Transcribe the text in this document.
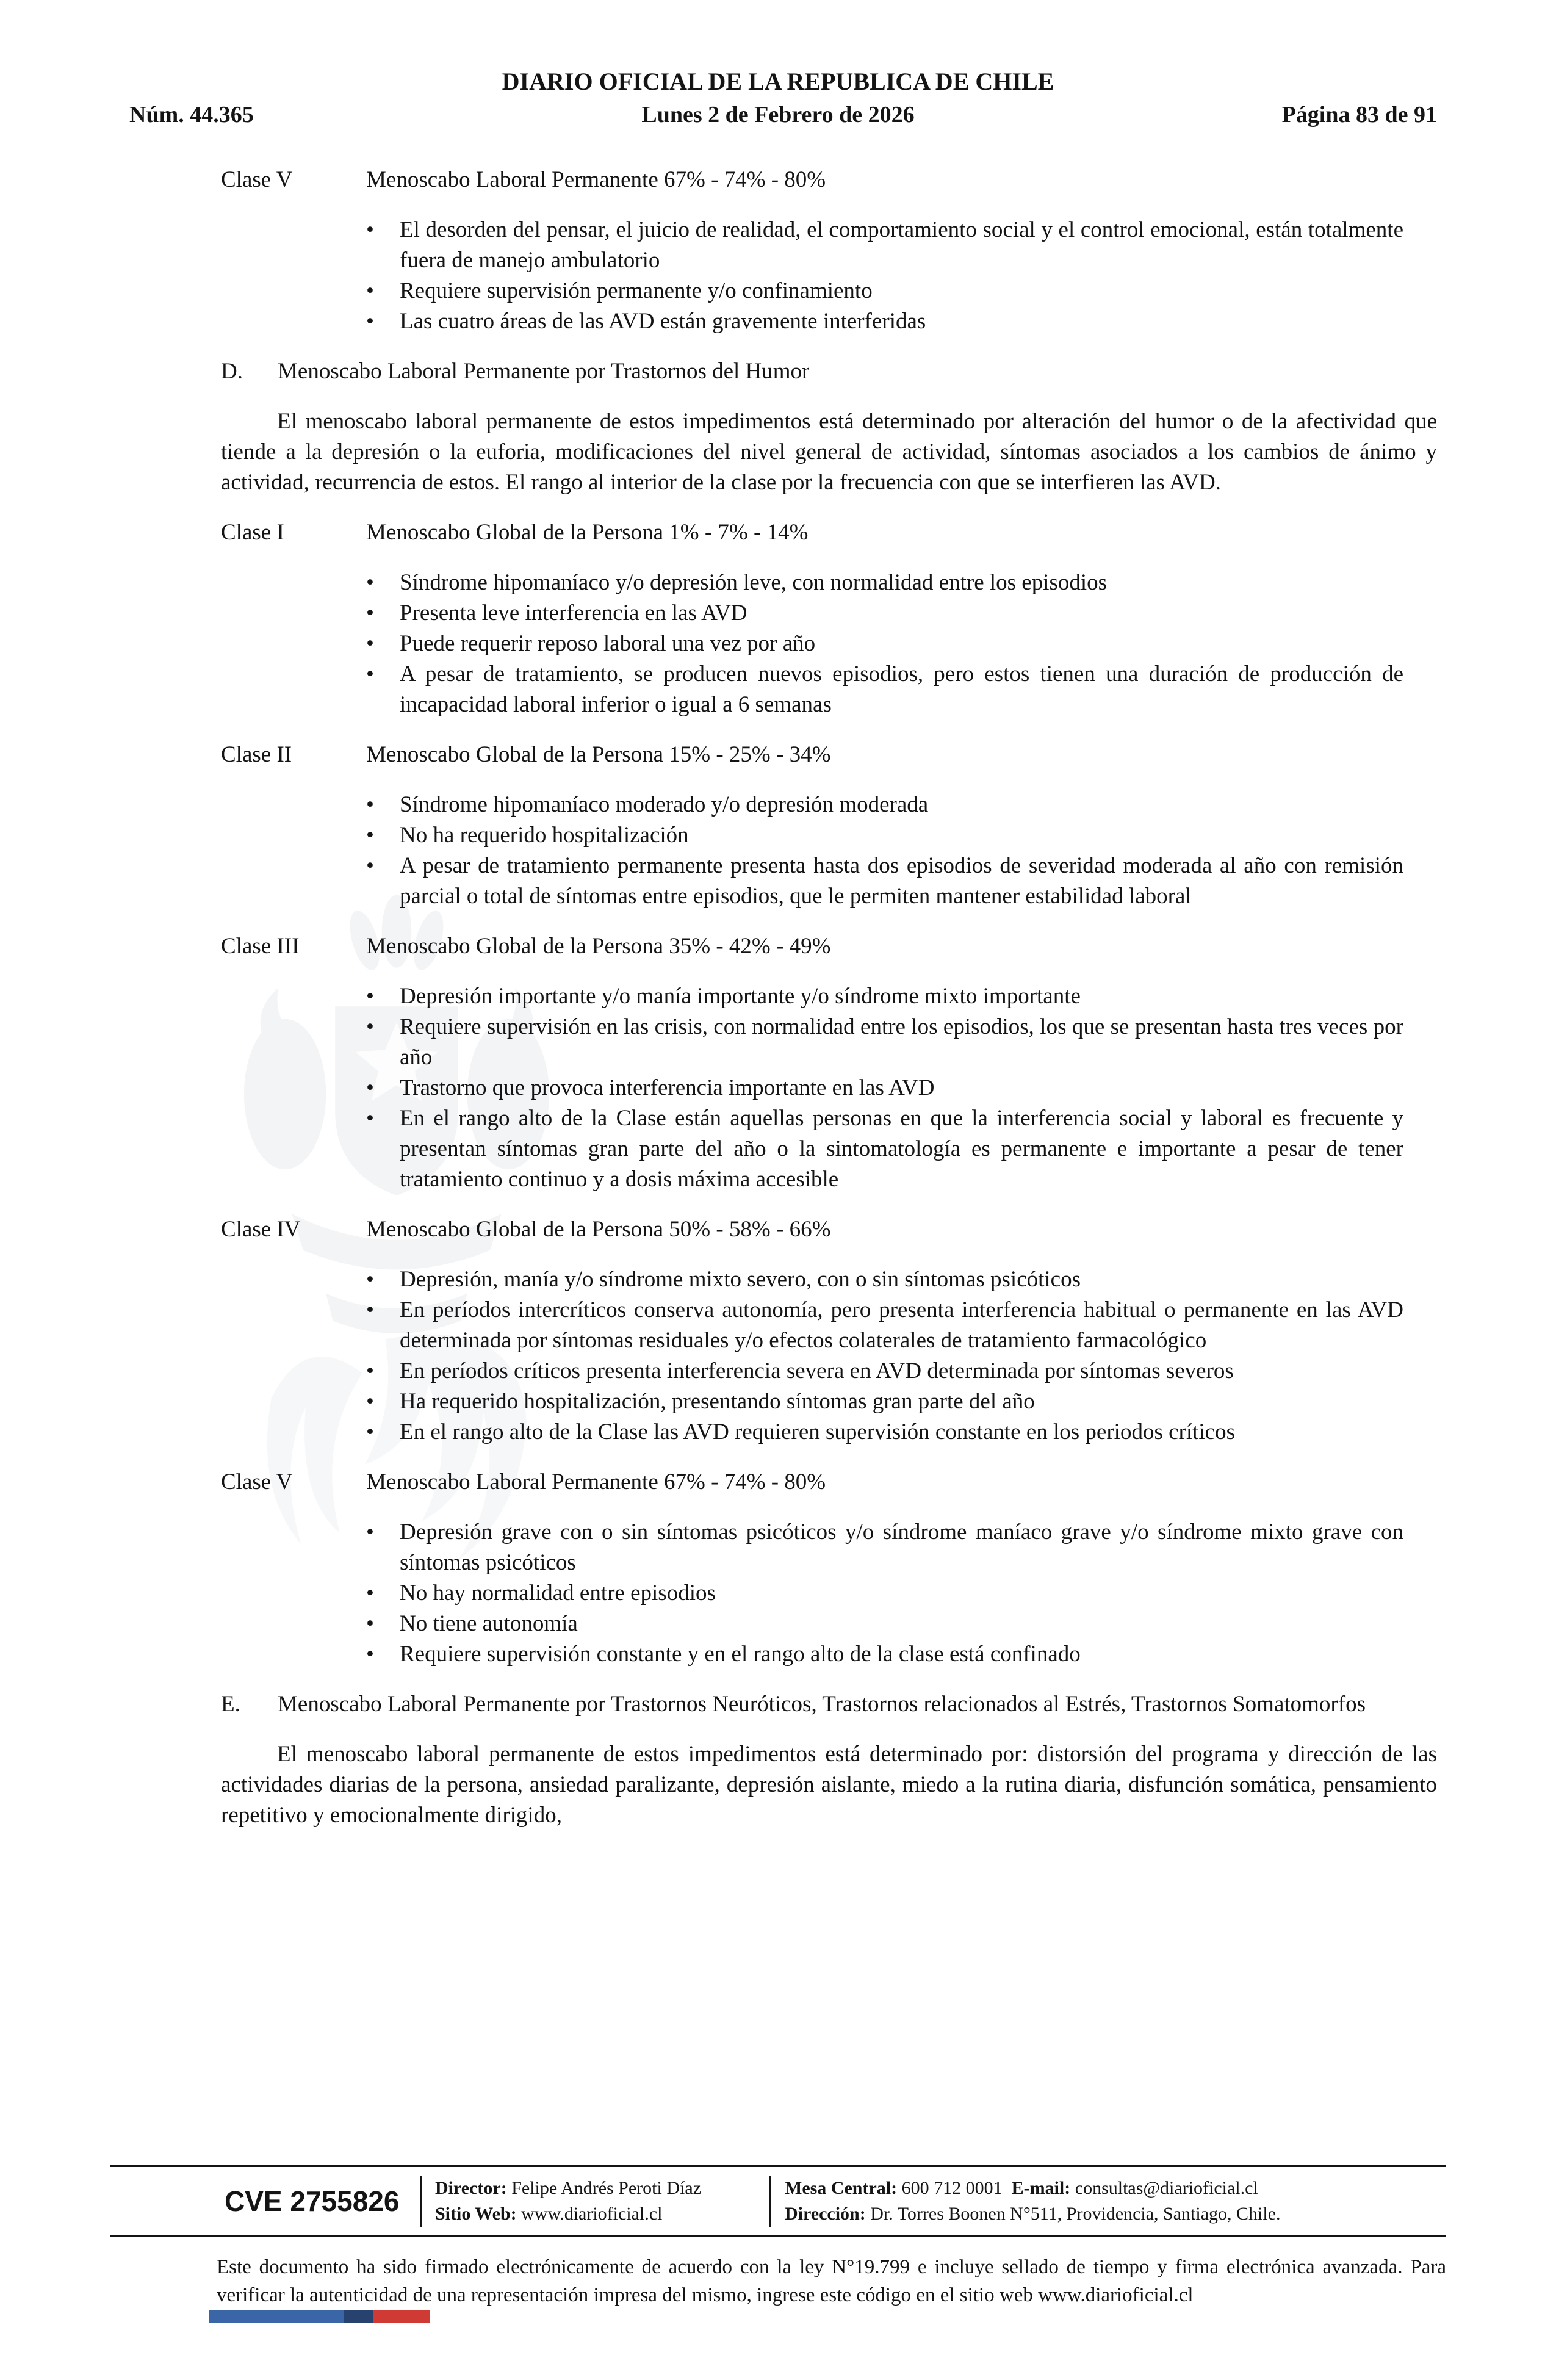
DIARIO OFICIAL DE LA REPUBLICA DE CHILE
Núm. 44.365	Lunes 2 de Febrero de 2026	Página 83 de 91
Clase V	Menoscabo Laboral Permanente 67% - 74% - 80%
• El desorden del pensar, el juicio de realidad, el comportamiento social y el control emocional, están totalmente fuera de manejo ambulatorio
• Requiere supervisión permanente y/o confinamiento
• Las cuatro áreas de las AVD están gravemente interferidas
D.	Menoscabo Laboral Permanente por Trastornos del Humor

El menoscabo laboral permanente de estos impedimentos está determinado por alteración del humor o de la afectividad que tiende a la depresión o la euforia, modificaciones del nivel general de actividad, síntomas asociados a los cambios de ánimo y actividad, recurrencia de estos. El rango al interior de la clase por la frecuencia con que se interfieren las AVD.

Clase I	Menoscabo Global de la Persona 1% - 7% - 14%
• Síndrome hipomaníaco y/o depresión leve, con normalidad entre los episodios
• Presenta leve interferencia en las AVD
• Puede requerir reposo laboral una vez por año
• A pesar de tratamiento, se producen nuevos episodios, pero estos tienen una duración de producción de incapacidad laboral inferior o igual a 6 semanas
Clase II	Menoscabo Global de la Persona 15% - 25% - 34%
• Síndrome hipomaníaco moderado y/o depresión moderada
• No ha requerido hospitalización
• A pesar de tratamiento permanente presenta hasta dos episodios de severidad moderada al año con remisión parcial o total de síntomas entre episodios, que le permiten mantener estabilidad laboral
Clase III	Menoscabo Global de la Persona 35% - 42% - 49%
• Depresión importante y/o manía importante y/o síndrome mixto importante
• Requiere supervisión en las crisis, con normalidad entre los episodios, los que se presentan hasta tres veces por año
• Trastorno que provoca interferencia importante en las AVD
• En el rango alto de la Clase están aquellas personas en que la interferencia social y laboral es frecuente y presentan síntomas gran parte del año o la sintomatología es permanente e importante a pesar de tener tratamiento continuo y a dosis máxima accesible
Clase IV	Menoscabo Global de la Persona 50% - 58% - 66%
• Depresión, manía y/o síndrome mixto severo, con o sin síntomas psicóticos
• En períodos intercríticos conserva autonomía, pero presenta interferencia habitual o permanente en las AVD determinada por síntomas residuales y/o efectos colaterales de tratamiento farmacológico
• En períodos críticos presenta interferencia severa en AVD determinada por síntomas severos
• Ha requerido hospitalización, presentando síntomas gran parte del año
• En el rango alto de la Clase las AVD requieren supervisión constante en los periodos críticos
Clase V	Menoscabo Laboral Permanente 67% - 74% - 80%
• Depresión grave con o sin síntomas psicóticos y/o síndrome maníaco grave y/o síndrome mixto grave con síntomas psicóticos
• No hay normalidad entre episodios
• No tiene autonomía
• Requiere supervisión constante y en el rango alto de la clase está confinado
E.	Menoscabo Laboral Permanente por Trastornos Neuróticos, Trastornos relacionados al Estrés, Trastornos Somatomorfos

El menoscabo laboral permanente de estos impedimentos está determinado por: distorsión del programa y dirección de las actividades diarias de la persona, ansiedad paralizante, depresión aislante, miedo a la rutina diaria, disfunción somática, pensamiento repetitivo y emocionalmente dirigido,

CVE 2755826	Director: Felipe Andrés Peroti Díaz
Sitio Web: www.diarioficial.cl
Mesa Central: 600 712 0001 E-mail: consultas@diarioficial.cl
Dirección: Dr. Torres Boonen N°511, Providencia, Santiago, Chile.

Este documento ha sido firmado electrónicamente de acuerdo con la ley N°19.799 e incluye sellado de tiempo y firma electrónica avanzada. Para verificar la autenticidad de una representación impresa del mismo, ingrese este código en el sitio web www.diarioficial.cl
